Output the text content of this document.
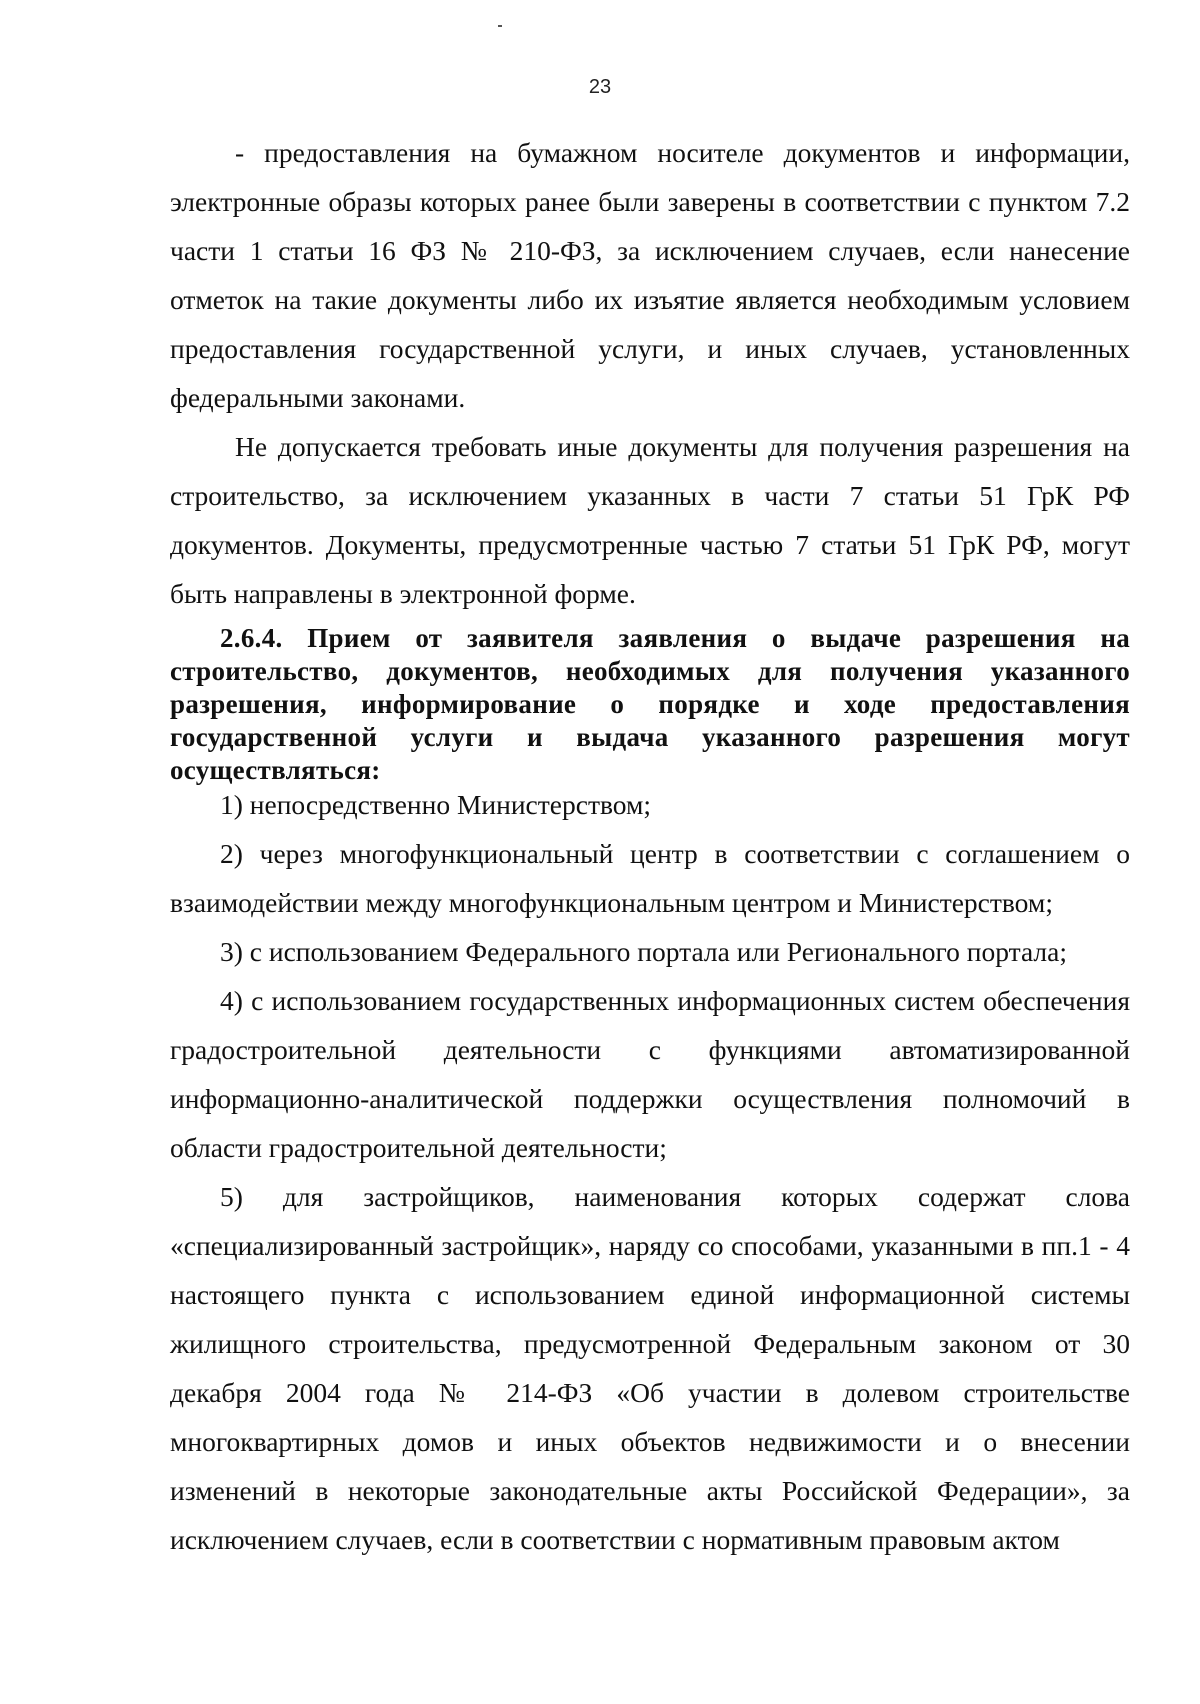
23

- предоставления на бумажном носителе документов и информации, электронные образы которых ранее были заверены в соответствии с пунктом 7.2 части 1 статьи 16 ФЗ № 210-ФЗ, за исключением случаев, если нанесение отметок на такие документы либо их изъятие является необходимым условием предоставления государственной услуги, и иных случаев, установленных федеральными законами.

Не допускается требовать иные документы для получения разрешения на строительство, за исключением указанных в части 7 статьи 51 ГрК РФ документов. Документы, предусмотренные частью 7 статьи 51 ГрК РФ, могут быть направлены в электронной форме.

2.6.4. Прием от заявителя заявления о выдаче разрешения на строительство, документов, необходимых для получения указанного разрешения, информирование о порядке и ходе предоставления государственной услуги и выдача указанного разрешения могут осуществляться:

1) непосредственно Министерством;

2) через многофункциональный центр в соответствии с соглашением о взаимодействии между многофункциональным центром и Министерством;

3) с использованием Федерального портала или Регионального портала;

4) с использованием государственных информационных систем обеспечения градостроительной деятельности с функциями автоматизированной информационно-аналитической поддержки осуществления полномочий в области градостроительной деятельности;

5) для застройщиков, наименования которых содержат слова «специализированный застройщик», наряду со способами, указанными в пп.1 - 4 настоящего пункта с использованием единой информационной системы жилищного строительства, предусмотренной Федеральным законом от 30 декабря 2004 года № 214-ФЗ «Об участии в долевом строительстве многоквартирных домов и иных объектов недвижимости и о внесении изменений в некоторые законодательные акты Российской Федерации», за исключением случаев, если в соответствии с нормативным правовым актом
